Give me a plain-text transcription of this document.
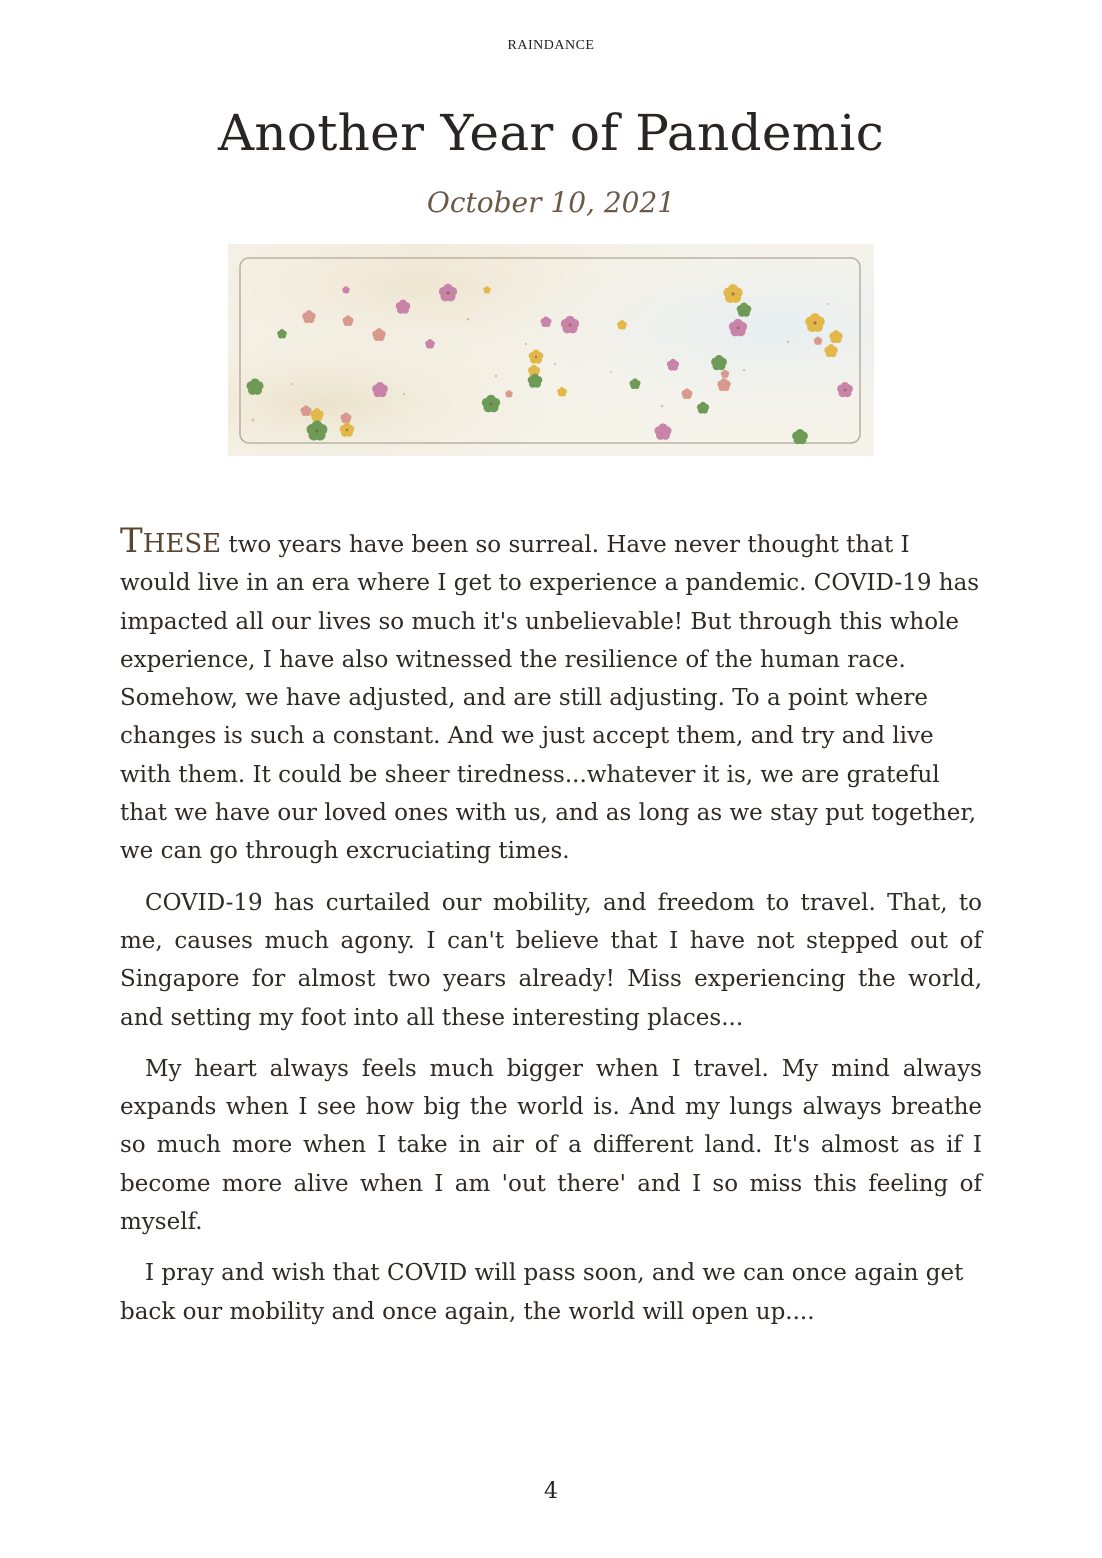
RAINDANCE
Another Year of Pandemic
October 10, 2021

THESE two years have been so surreal. Have never thought that I would live in an era where I get to experience a pandemic. COVID-19 has impacted all our lives so much it's unbelievable! But through this whole experience, I have also witnessed the resilience of the human race. Somehow, we have adjusted, and are still adjusting. To a point where changes is such a constant. And we just accept them, and try and live with them. It could be sheer tiredness...whatever it is, we are grateful that we have our loved ones with us, and as long as we stay put together, we can go through excruciating times.

COVID-19 has curtailed our mobility, and freedom to travel. That, to me, causes much agony. I can't believe that I have not stepped out of Singapore for almost two years already! Miss experiencing the world, and setting my foot into all these interesting places...

My heart always feels much bigger when I travel. My mind always expands when I see how big the world is. And my lungs always breathe so much more when I take in air of a different land. It's almost as if I become more alive when I am 'out there' and I so miss this feeling of myself.

I pray and wish that COVID will pass soon, and we can once again get back our mobility and once again, the world will open up....

4
